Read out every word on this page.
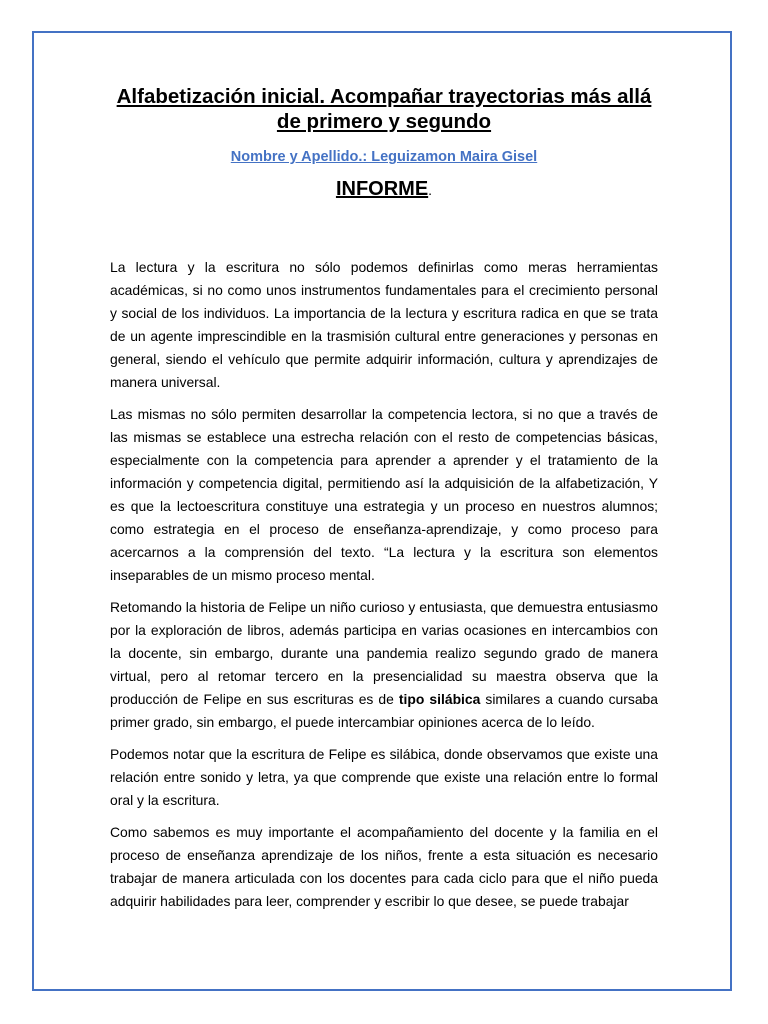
Alfabetización inicial. Acompañar trayectorias más allá de primero y segundo

Nombre y Apellido.: Leguizamon Maira Gisel

INFORME.

La lectura y la escritura no sólo podemos definirlas como meras herramientas académicas, si no como unos instrumentos fundamentales para el crecimiento personal y social de los individuos. La importancia de la lectura y escritura radica en que se trata de un agente imprescindible en la trasmisión cultural entre generaciones y personas en general, siendo el vehículo que permite adquirir información, cultura y aprendizajes de manera universal.

Las mismas no sólo permiten desarrollar la competencia lectora, si no que a través de las mismas se establece una estrecha relación con el resto de competencias básicas, especialmente con la competencia para aprender a aprender y el tratamiento de la información y competencia digital, permitiendo así la adquisición de la alfabetización, Y es que la lectoescritura constituye una estrategia y un proceso en nuestros alumnos; como estrategia en el proceso de enseñanza-aprendizaje, y como proceso para acercarnos a la comprensión del texto. “La lectura y la escritura son elementos inseparables de un mismo proceso mental.

Retomando la historia de Felipe un niño curioso y entusiasta, que demuestra entusiasmo por la exploración de libros, además participa en varias ocasiones en intercambios con la docente, sin embargo, durante una pandemia realizo segundo grado de manera virtual, pero al retomar tercero en la presencialidad su maestra observa que la producción de Felipe en sus escrituras es de tipo silábica similares a cuando cursaba primer grado, sin embargo, el puede intercambiar opiniones acerca de lo leído.

Podemos notar que la escritura de Felipe es silábica, donde observamos que existe una relación entre sonido y letra, ya que comprende que existe una relación entre lo formal oral y la escritura.

Como sabemos es muy importante el acompañamiento del docente y la familia en el proceso de enseñanza aprendizaje de los niños, frente a esta situación es necesario trabajar de manera articulada con los docentes para cada ciclo para que el niño pueda adquirir habilidades para leer, comprender y escribir lo que desee, se puede trabajar
